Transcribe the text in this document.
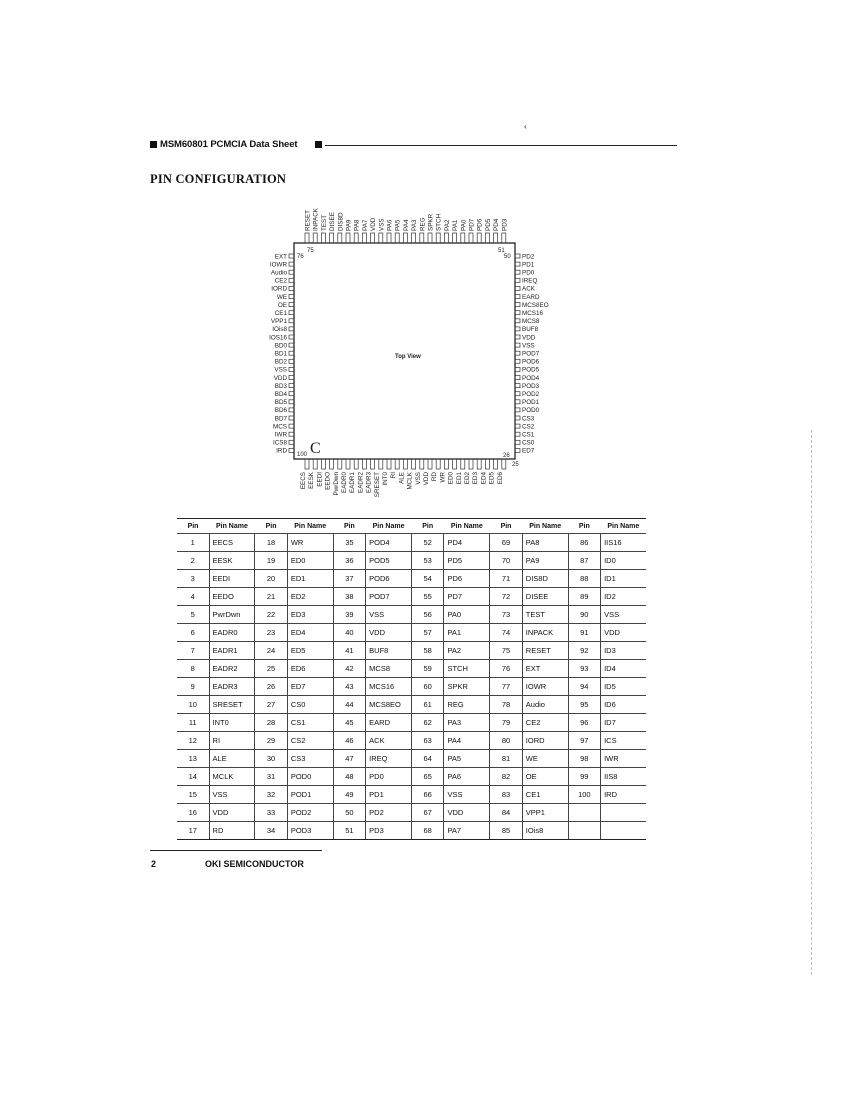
‹
MSM60801 PCMCIA Data Sheet
PIN CONFIGURATION
RESET INPACK TEST DISEE DIS8D PA9 PA8 PA7 VDD VSS PA6 PA5 PA4 PA3 REG SPKR STCH PA2 PA1 PA0 PD7 PD6 PD5 PD4 PD3
EXT
IOWR
Audio
CE2
IORD
WE
OE
CE1
VPP1
IOis8
IOS16
BD0
BD1
BD2
VSS
VDD
BD3
BD4
BD5
BD6
BD7
MCS
IWR
ICS8
IRD
PD2
PD1
PD0
IREQ
ACK
EARD
MCS8EO
MCS16
MCS8
BUF8
VDD
VSS
POD7
POD6
POD5
POD4
POD3
POD2
POD1
POD0
CS3
CS2
CS1
CS0
ED7
EECS EESK EEDI EEDO PwrDwn EADR0 EADR1 EADR2 EADR3 SRESET INT0 RI ALE MCLK VSS VDD RD WR ED0 ED1 ED2 ED3 ED4 ED5 ED6
75
76
51
50
100	26
25
C
Top View
Pin	Pin Name	Pin	Pin Name	Pin	Pin Name	Pin	Pin Name	Pin	Pin Name	Pin	Pin Name
1	EECS	18	WR	35	POD4	52	PD4	69	PA8	86	IIS16
2	EESK	19	ED0	36	POD5	53	PD5	70	PA9	87	ID0
3	EEDI	20	ED1	37	POD6	54	PD6	71	DIS8D	88	ID1
4	EEDO	21	ED2	38	POD7	55	PD7	72	DISEE	89	ID2
5	PwrDwn	22	ED3	39	VSS	56	PA0	73	TEST	90	VSS
6	EADR0	23	ED4	40	VDD	57	PA1	74	INPACK	91	VDD
7	EADR1	24	ED5	41	BUF8	58	PA2	75	RESET	92	ID3
8	EADR2	25	ED6	42	MCS8	59	STCH	76	EXT	93	ID4
9	EADR3	26	ED7	43	MCS16	60	SPKR	77	IOWR	94	ID5
10	SRESET	27	CS0	44	MCS8EO	61	REG	78	Audio	95	ID6
11	INT0	28	CS1	45	EARD	62	PA3	79	CE2	96	ID7
12	RI	29	CS2	46	ACK	63	PA4	80	IORD	97	ICS
13	ALE	30	CS3	47	IREQ	64	PA5	81	WE	98	IWR
14	MCLK	31	POD0	48	PD0	65	PA6	82	OE	99	IIS8
15	VSS	32	POD1	49	PD1	66	VSS	83	CE1	100	IRD
16	VDD	33	POD2	50	PD2	67	VDD	84	VPP1		
17	RD	34	POD3	51	PD3	68	PA7	85	IOis8		
2	OKI SEMICONDUCTOR
